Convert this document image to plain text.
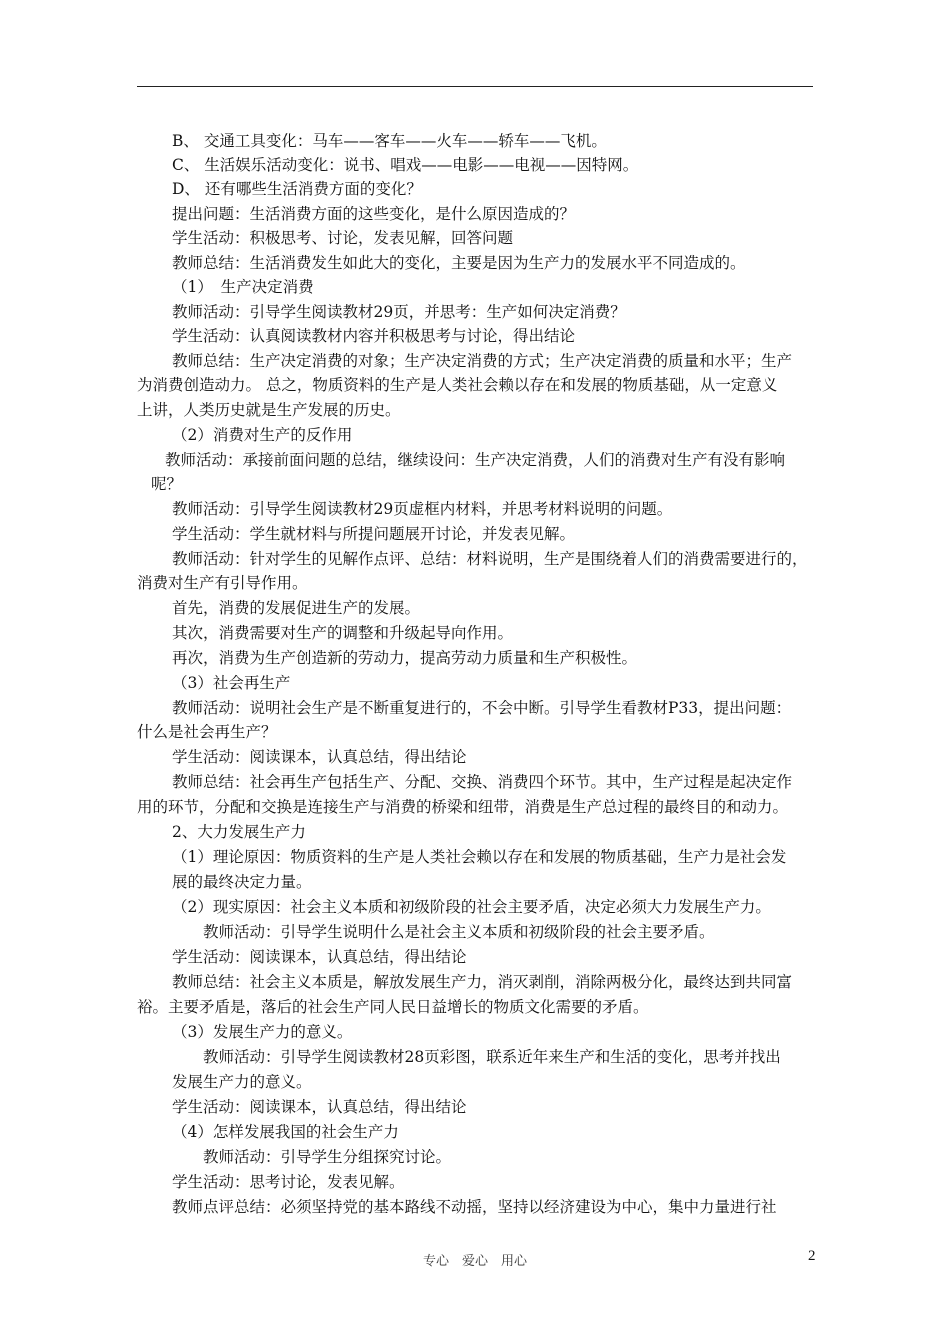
B、 交通工具变化：马车——客车——火车——轿车——飞机。
C、 生活娱乐活动变化：说书、唱戏——电影——电视——因特网。
D、 还有哪些生活消费方面的变化？
提出问题：生活消费方面的这些变化，是什么原因造成的？
学生活动：积极思考、讨论，发表见解，回答问题
教师总结：生活消费发生如此大的变化，主要是因为生产力的发展水平不同造成的。
（1）　生产决定消费
教师活动：引导学生阅读教材29页，并思考：生产如何决定消费？
学生活动：认真阅读教材内容并积极思考与讨论，得出结论
教师总结：生产决定消费的对象；生产决定消费的方式；生产决定消费的质量和水平；生产
为消费创造动力。 总之，物质资料的生产是人类社会赖以存在和发展的物质基础，从一定意义
上讲，人类历史就是生产发展的历史。
（2）消费对生产的反作用
教师活动：承接前面问题的总结，继续设问：生产决定消费，人们的消费对生产有没有影响
呢？
教师活动：引导学生阅读教材29页虚框内材料，并思考材料说明的问题。
学生活动：学生就材料与所提问题展开讨论，并发表见解。
教师活动：针对学生的见解作点评、总结：材料说明，生产是围绕着人们的消费需要进行的，
消费对生产有引导作用。
首先，消费的发展促进生产的发展。
其次，消费需要对生产的调整和升级起导向作用。
再次，消费为生产创造新的劳动力，提高劳动力质量和生产积极性。
（3）社会再生产
教师活动：说明社会生产是不断重复进行的，不会中断。引导学生看教材P33，提出问题：
什么是社会再生产？
学生活动：阅读课本，认真总结，得出结论
教师总结：社会再生产包括生产、分配、交换、消费四个环节。其中，生产过程是起决定作
用的环节，分配和交换是连接生产与消费的桥梁和纽带，消费是生产总过程的最终目的和动力。
2、大力发展生产力
（1）理论原因：物质资料的生产是人类社会赖以存在和发展的物质基础，生产力是社会发
展的最终决定力量。
（2）现实原因：社会主义本质和初级阶段的社会主要矛盾，决定必须大力发展生产力。
教师活动：引导学生说明什么是社会主义本质和初级阶段的社会主要矛盾。
学生活动：阅读课本，认真总结，得出结论
教师总结：社会主义本质是，解放发展生产力，消灭剥削，消除两极分化，最终达到共同富
裕。主要矛盾是，落后的社会生产同人民日益增长的物质文化需要的矛盾。
（3）发展生产力的意义。
教师活动：引导学生阅读教材28页彩图，联系近年来生产和生活的变化，思考并找出
发展生产力的意义。
学生活动：阅读课本，认真总结，得出结论
（4）怎样发展我国的社会生产力
教师活动：引导学生分组探究讨论。
学生活动：思考讨论，发表见解。
教师点评总结：必须坚持党的基本路线不动摇，坚持以经济建设为中心，集中力量进行社
专心　爱心　用心	2
